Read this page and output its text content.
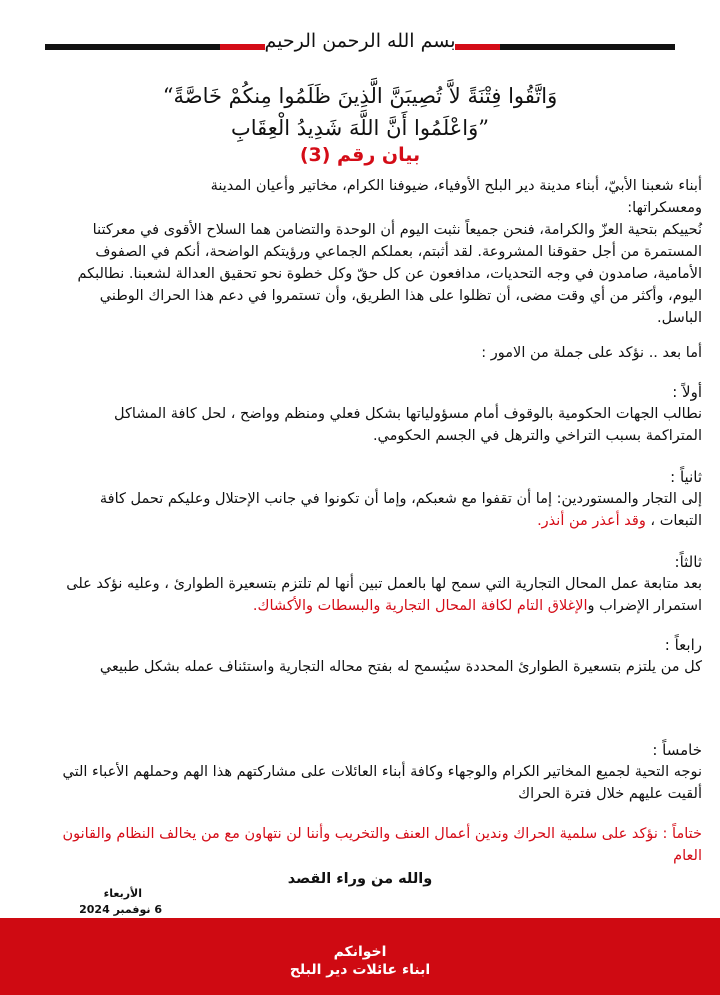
بسم الله الرحمن الرحيم
“وَاتَّقُوا فِتْنَةً لاَّ تُصِيبَنَّ الَّذِينَ ظَلَمُوا مِنكُمْ خَاصَّةً
وَاعْلَمُوا أَنَّ اللَّهَ شَدِيدُ الْعِقَابِ”
بيان رقم (3)
أبناء شعبنا الأبيّ، أبناء مدينة دير البلح الأوفياء، ضيوفنا الكرام، مخاتير وأعيان المدينة
ومعسكراتها:
نُحييكم بتحية العزّ والكرامة، فنحن جميعاً نثبت اليوم أن الوحدة والتضامن هما السلاح الأقوى في معركتنا المستمرة من أجل حقوقنا المشروعة. لقد أثبتم، بعملكم الجماعي ورؤيتكم الواضحة، أنكم في الصفوف الأمامية، صامدون في وجه التحديات، مدافعون عن كل حقّ وكل خطوة نحو تحقيق العدالة لشعبنا. نطالبكم اليوم، وأكثر من أي وقت مضى، أن تظلوا على هذا الطريق، وأن تستمروا في دعم هذا الحراك الوطني الباسل.
أما بعد .. نؤكد على جملة من الامور :
أولاً :
نطالب الجهات الحكومية بالوقوف أمام مسؤولياتها بشكل فعلي ومنظم وواضح ، لحل كافة المشاكل المتراكمة بسبب التراخي والترهل في الجسم الحكومي.
ثانياً :
إلى التجار والمستوردين: إما أن تقفوا مع شعبكم، وإما أن تكونوا في جانب الإحتلال وعليكم تحمل كافة التبعات ، وقد أعذر من أنذر.
ثالثاً:
بعد متابعة عمل المحال التجارية التي سمح لها بالعمل تبين أنها لم تلتزم بتسعيرة الطوارئ ، وعليه نؤكد على استمرار الإضراب والإغلاق التام لكافة المحال التجارية والبسطات والأكشاك.
رابعاً :
كل من يلتزم بتسعيرة الطوارئ المحددة سيُسمح له بفتح محاله التجارية واستئناف عمله بشكل طبيعي
خامساً :
نوجه التحية لجميع المخاتير الكرام والوجهاء وكافة أبناء العائلات على مشاركتهم هذا الهم وحملهم الأعباء التي ألقيت عليهم خلال فترة الحراك
ختاماً : نؤكد على سلمية الحراك وندين أعمال العنف والتخريب وأننا لن نتهاون مع من يخالف النظام والقانون العام
والله من وراء القصد
الأربعاء
6 نوفمبر 2024
اخوانكم
ابناء عائلات دير البلح
